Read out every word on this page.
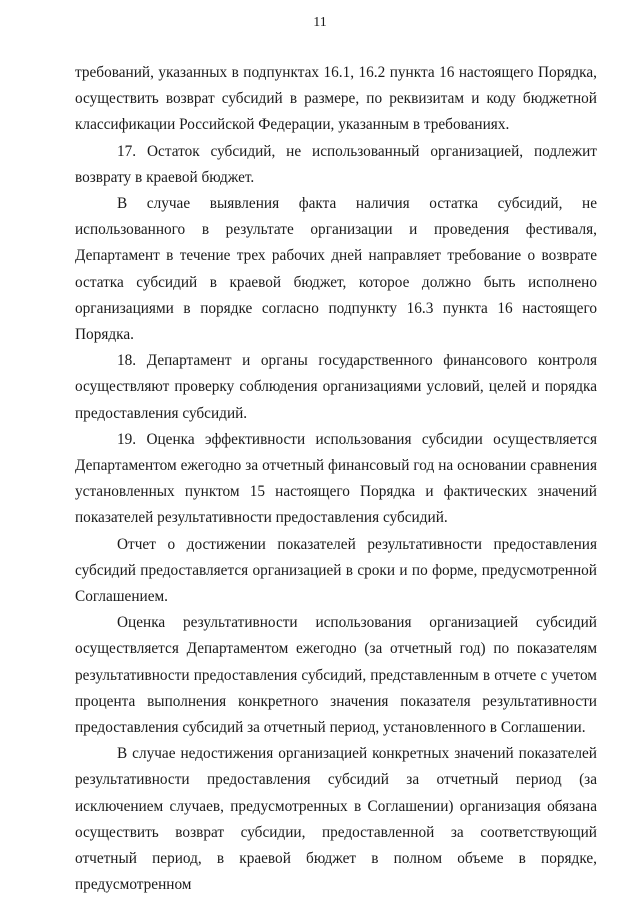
11

требований, указанных в подпунктах 16.1, 16.2 пункта 16 настоящего Порядка, осуществить возврат субсидий в размере, по реквизитам и коду бюджетной классификации Российской Федерации, указанным в требованиях.

17. Остаток субсидий, не использованный организацией, подлежит возврату в краевой бюджет.

В случае выявления факта наличия остатка субсидий, не использованного в результате организации и проведения фестиваля, Департамент в течение трех рабочих дней направляет требование о возврате остатка субсидий в краевой бюджет, которое должно быть исполнено организациями в порядке согласно подпункту 16.3 пункта 16 настоящего Порядка.

18. Департамент и органы государственного финансового контроля осуществляют проверку соблюдения организациями условий, целей и порядка предоставления субсидий.

19. Оценка эффективности использования субсидии осуществляется Департаментом ежегодно за отчетный финансовый год на основании сравнения установленных пунктом 15 настоящего Порядка и фактических значений показателей результативности предоставления субсидий.

Отчет о достижении показателей результативности предоставления субсидий предоставляется организацией в сроки и по форме, предусмотренной Соглашением.

Оценка результативности использования организацией субсидий осуществляется Департаментом ежегодно (за отчетный год) по показателям результативности предоставления субсидий, представленным в отчете с учетом процента выполнения конкретного значения показателя результативности предоставления субсидий за отчетный период, установленного в Соглашении.

В случае недостижения организацией конкретных значений показателей результативности предоставления субсидий за отчетный период (за исключением случаев, предусмотренных в Соглашении) организация обязана осуществить возврат субсидии, предоставленной за соответствующий отчетный период, в краевой бюджет в полном объеме в порядке, предусмотренном
